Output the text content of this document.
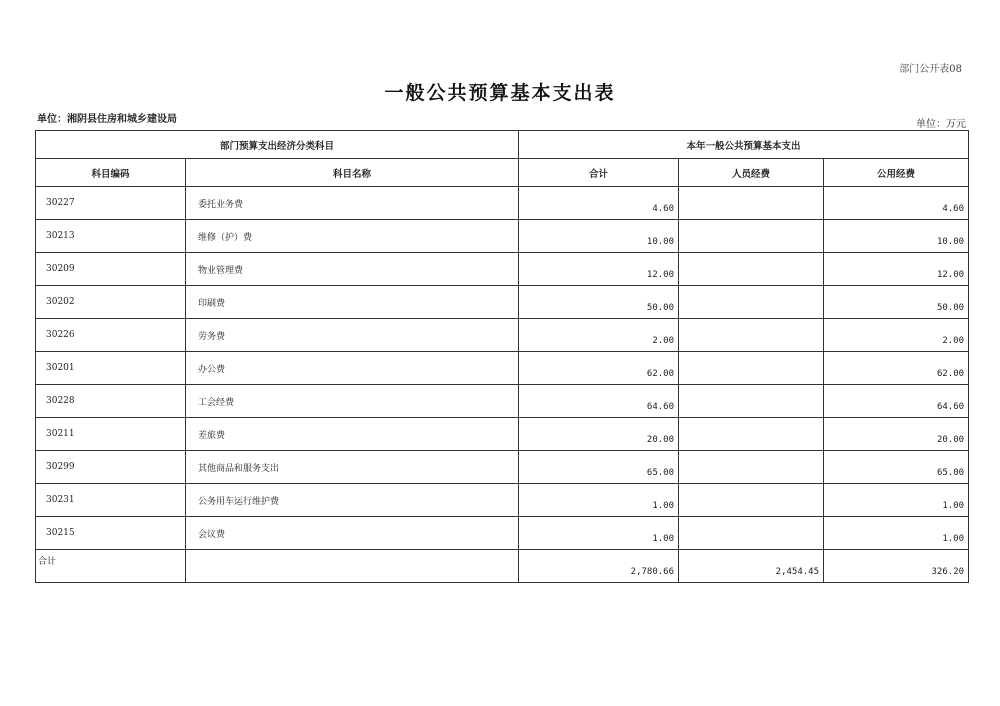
部门公开表08
一般公共预算基本支出表
单位：湘阴县住房和城乡建设局	单位：万元
部门预算支出经济分类科目		本年一般公共预算基本支出		
科目编码	科目名称	合计	人员经费	公用经费
30227	委托业务费	4.60		4.60
30213	维修（护）费	10.00		10.00
30209	物业管理费	12.00		12.00
30202	印刷费	50.00		50.00
30226	劳务费	2.00		2.00
30201	办公费	62.00		62.00
30228	工会经费	64.60		64.60
30211	差旅费	20.00		20.00
30299	其他商品和服务支出	65.00		65.00
30231	公务用车运行维护费	1.00		1.00
30215	会议费	1.00		1.00
合计		2,780.66	2,454.45	326.20
